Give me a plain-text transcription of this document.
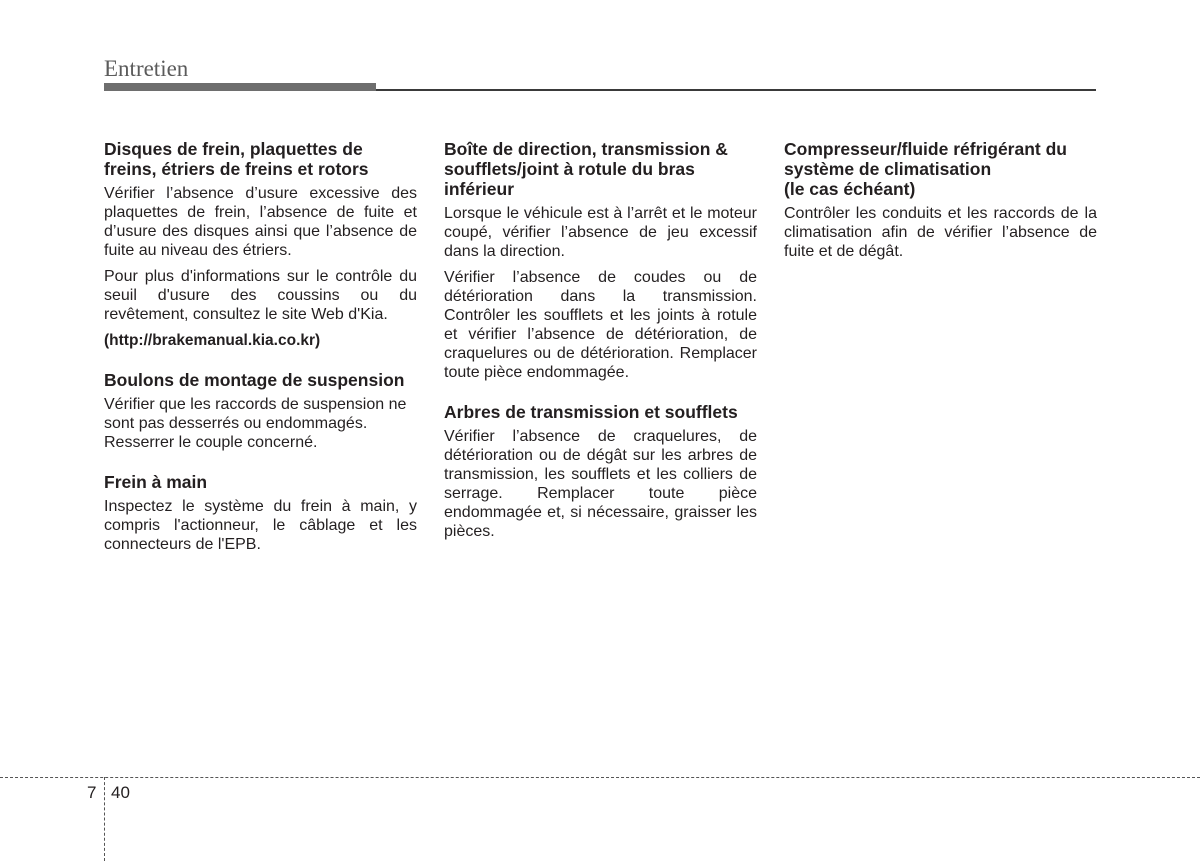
Entretien
Disques de frein, plaquettes de freins, étriers de freins et rotors

Vérifier l’absence d’usure excessive des plaquettes de frein, l’absence de fuite et d’usure des disques ainsi que l’absence de fuite au niveau des étriers.

Pour plus d'informations sur le contrôle du seuil d'usure des coussins ou du revêtement, consultez le site Web d'Kia.

(http://brakemanual.kia.co.kr)

Boulons de montage de suspension

Vérifier que les raccords de suspension ne sont pas desserrés ou endommagés. Resserrer le couple concerné.

Frein à main

Inspectez le système du frein à main, y compris l'actionneur, le câblage et les connecteurs de l'EPB.

Boîte de direction, transmission & soufflets/joint à rotule du bras inférieur

Lorsque le véhicule est à l’arrêt et le moteur coupé, vérifier l’absence de jeu excessif dans la direction.

Vérifier l’absence de coudes ou de détérioration dans la transmission. Contrôler les soufflets et les joints à rotule et vérifier l’absence de détérioration, de craquelures ou de détérioration. Remplacer toute pièce endommagée.

Arbres de transmission et soufflets

Vérifier l’absence de craquelures, de détérioration ou de dégât sur les arbres de transmission, les soufflets et les colliers de serrage. Remplacer toute pièce endommagée et, si nécessaire, graisser les pièces.

Compresseur/fluide réfrigérant du système de climatisation
(le cas échéant)

Contrôler les conduits et les raccords de la climatisation afin de vérifier l’absence de fuite et de dégât.

7 40
